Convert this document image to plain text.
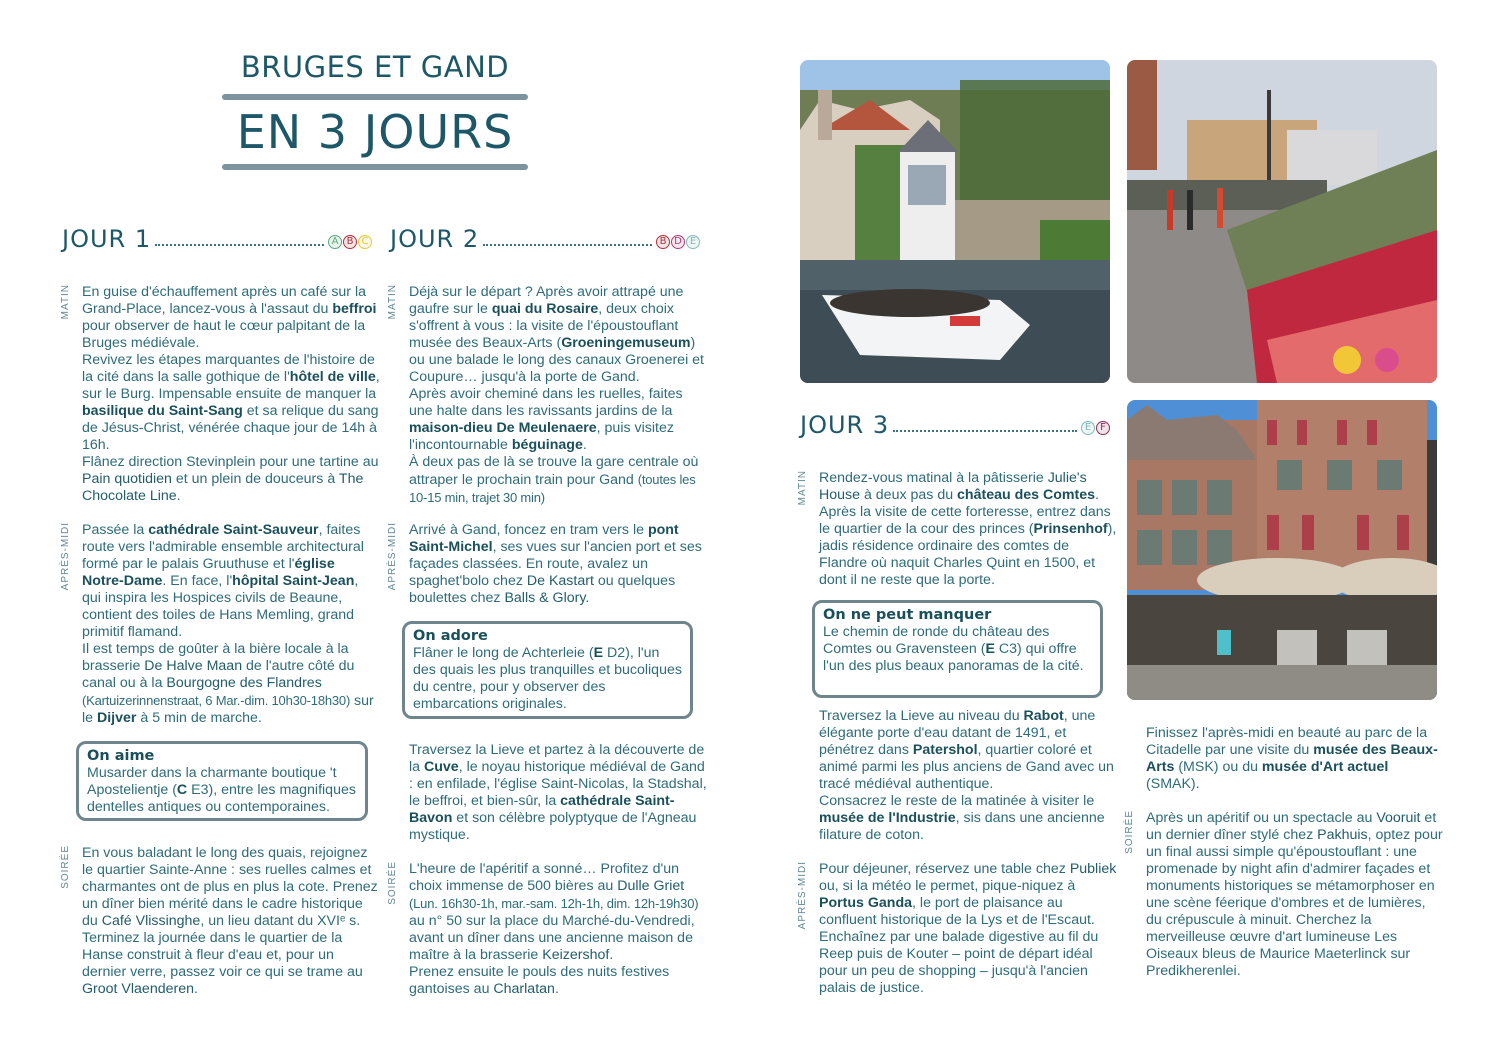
BRUGES ET GAND
EN 3 JOURS
JOUR 1	A B C
MATIN En guise d'échauffement après un café sur la Grand-Place, lancez-vous à l'assaut du beffroi pour observer de haut le cœur palpitant de la Bruges médiévale.
Revivez les étapes marquantes de l'histoire de la cité dans la salle gothique de l'hôtel de ville, sur le Burg. Impensable ensuite de manquer la basilique du Saint-Sang et sa relique du sang de Jésus-Christ, vénérée chaque jour de 14h à 16h.
Flânez direction Stevinplein pour une tartine au Pain quotidien et un plein de douceurs à The Chocolate Line.
APRÈS-MIDI Passée la cathédrale Saint-Sauveur, faites route vers l'admirable ensemble architectural formé par le palais Gruuthuse et l'église Notre-Dame. En face, l'hôpital Saint-Jean, qui inspira les Hospices civils de Beaune, contient des toiles de Hans Memling, grand primitif flamand.
Il est temps de goûter à la bière locale à la brasserie De Halve Maan de l'autre côté du canal ou à la Bourgogne des Flandres (Kartuizerinnenstraat, 6 Mar.-dim. 10h30-18h30) sur le Dijver à 5 min de marche.
On aime
Musarder dans la charmante boutique 't Apostelientje (C E3), entre les magnifiques dentelles antiques ou contemporaines.
SOIRÉE En vous baladant le long des quais, rejoignez le quartier Sainte-Anne : ses ruelles calmes et charmantes ont de plus en plus la cote. Prenez un dîner bien mérité dans le cadre historique du Café Vlissinghe, un lieu datant du XVIᵉ s. Terminez la journée dans le quartier de la Hanse construit à fleur d'eau et, pour un dernier verre, passez voir ce qui se trame au Groot Vlaenderen.
JOUR 2	B D E
MATIN Déjà sur le départ ? Après avoir attrapé une gaufre sur le quai du Rosaire, deux choix s'offrent à vous : la visite de l'époustouflant musée des Beaux-Arts (Groeningemuseum) ou une balade le long des canaux Groenerei et Coupure… jusqu'à la porte de Gand.
Après avoir cheminé dans les ruelles, faites une halte dans les ravissants jardins de la maison-dieu De Meulenaere, puis visitez l'incontournable béguinage.
À deux pas de là se trouve la gare centrale où attraper le prochain train pour Gand (toutes les 10-15 min, trajet 30 min)
APRÈS-MIDI Arrivé à Gand, foncez en tram vers le pont Saint-Michel, ses vues sur l'ancien port et ses façades classées. En route, avalez un spaghet'bolo chez De Kastart ou quelques boulettes chez Balls & Glory.
On adore
Flâner le long de Achterleie (E D2), l'un des quais les plus tranquilles et bucoliques du centre, pour y observer des embarcations originales.
Traversez la Lieve et partez à la découverte de la Cuve, le noyau historique médiéval de Gand : en enfilade, l'église Saint-Nicolas, la Stadshal, le beffroi, et bien-sûr, la cathédrale Saint-Bavon et son célèbre polyptyque de l'Agneau mystique.
SOIRÉE L'heure de l'apéritif a sonné… Profitez d'un choix immense de 500 bières au Dulle Griet (Lun. 16h30-1h, mar.-sam. 12h-1h, dim. 12h-19h30) au n° 50 sur la place du Marché-du-Vendredi, avant un dîner dans une ancienne maison de maître à la brasserie Keizershof.
Prenez ensuite le pouls des nuits festives gantoises au Charlatan.
JOUR 3	E F
MATIN Rendez-vous matinal à la pâtisserie Julie's House à deux pas du château des Comtes. Après la visite de cette forteresse, entrez dans le quartier de la cour des princes (Prinsenhof), jadis résidence ordinaire des comtes de Flandre où naquit Charles Quint en 1500, et dont il ne reste que la porte.
On ne peut manquer
Le chemin de ronde du château des Comtes ou Gravensteen (E C3) qui offre l'un des plus beaux panoramas de la cité.
Traversez la Lieve au niveau du Rabot, une élégante porte d'eau datant de 1491, et pénétrez dans Patershol, quartier coloré et animé parmi les plus anciens de Gand avec un tracé médiéval authentique.
Consacrez le reste de la matinée à visiter le musée de l'Industrie, sis dans une ancienne filature de coton.
APRÈS-MIDI Pour déjeuner, réservez une table chez Publiek ou, si la météo le permet, pique-niquez à Portus Ganda, le port de plaisance au confluent historique de la Lys et de l'Escaut. Enchaînez par une balade digestive au fil du Reep puis de Kouter – point de départ idéal pour un peu de shopping – jusqu'à l'ancien palais de justice.
Finissez l'après-midi en beauté au parc de la Citadelle par une visite du musée des Beaux-Arts (MSK) ou du musée d'Art actuel (SMAK).
SOIRÉE Après un apéritif ou un spectacle au Vooruit et un dernier dîner stylé chez Pakhuis, optez pour un final aussi simple qu'époustouflant : une promenade by night afin d'admirer façades et monuments historiques se métamorphoser en une scène féerique d'ombres et de lumières, du crépuscule à minuit. Cherchez la merveilleuse œuvre d'art lumineuse Les Oiseaux bleus de Maurice Maeterlinck sur Predikherenlei.
